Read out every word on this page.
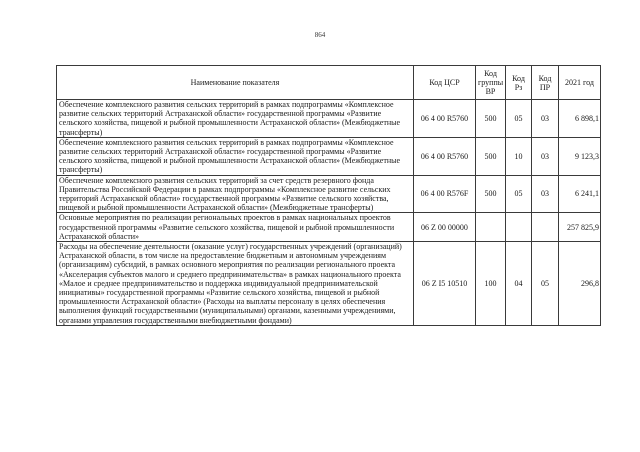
864
Наименование показателя	Код ЦСР	Код группы ВР	Код Рз	Код ПР	2021 год
Обеспечение комплексного развития сельских территорий в рамках подпрограммы «Комплексное развитие сельских территорий Астраханской области» государственной программы «Развитие сельского хозяйства, пищевой и рыбной промышленности Астраханской области» (Межбюджетные трансферты)	06 4 00 R5760	500	05	03	6 898,1
Обеспечение комплексного развития сельских территорий в рамках подпрограммы «Комплексное развитие сельских территорий Астраханской области» государственной программы «Развитие сельского хозяйства, пищевой и рыбной промышленности Астраханской области» (Межбюджетные трансферты)	06 4 00 R5760	500	10	03	9 123,3
Обеспечение комплексного развития сельских территорий за счет средств резервного фонда Правительства Российской Федерации в рамках подпрограммы «Комплексное развитие сельских территорий Астраханской области» государственной программы «Развитие сельского хозяйства, пищевой и рыбной промышленности Астраханской области» (Межбюджетные трансферты)	06 4 00 R576F	500	05	03	6 241,1
Основные мероприятия по реализации региональных проектов в рамках национальных проектов государственной программы «Развитие сельского хозяйства, пищевой и рыбной промышленности Астраханской области»	06 Z 00 00000				257 825,9
Расходы на обеспечение деятельности (оказание услуг) государственных учреждений (организаций) Астраханской области, в том числе на предоставление бюджетным и автономным учреждениям (организациям) субсидий, в рамках основного мероприятия по реализации регионального проекта «Акселерация субъектов малого и среднего предпринимательства» в рамках национального проекта «Малое и среднее предпринимательство и поддержка индивидуальной предпринимательской инициативы» государственной программы «Развитие сельского хозяйства, пищевой и рыбной промышленности Астраханской области» (Расходы на выплаты персоналу в целях обеспечения выполнения функций государственными (муниципальными) органами, казенными учреждениями, органами управления государственными внебюджетными фондами)	06 Z I5 10510	100	04	05	296,8
